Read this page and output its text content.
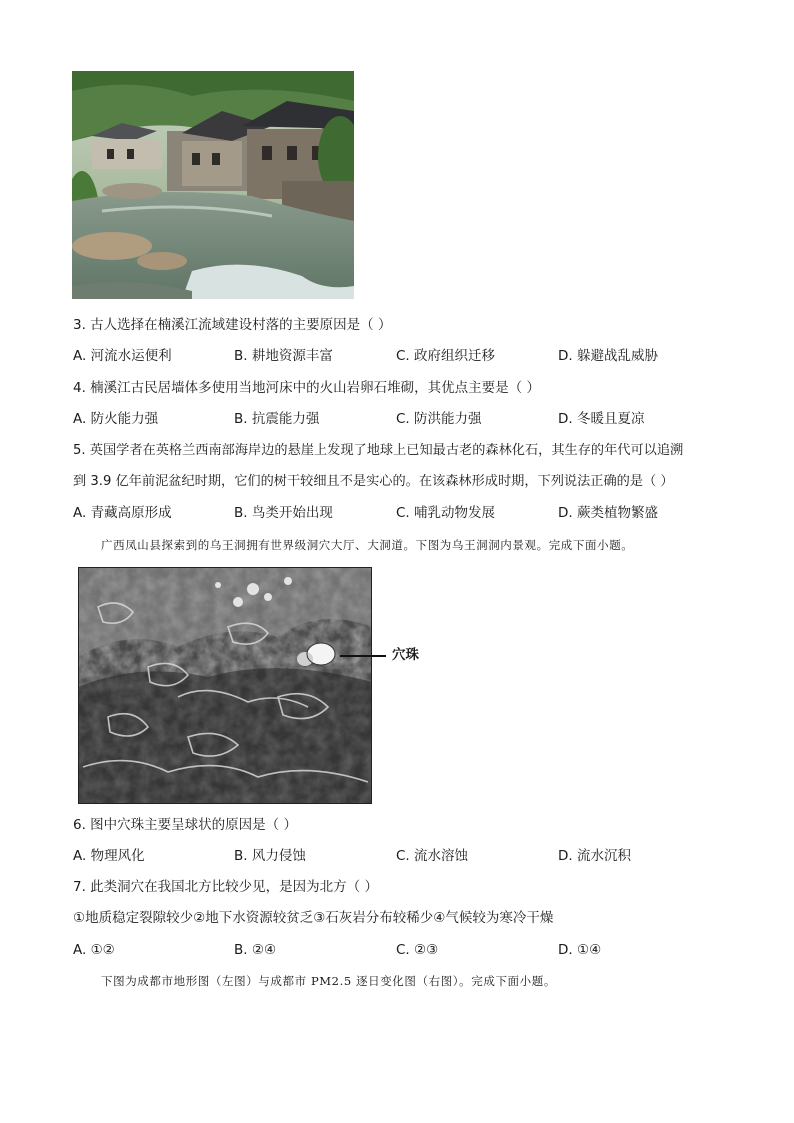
3. 古人选择在楠溪江流域建设村落的主要原因是（ ）
A. 河流水运便利	B. 耕地资源丰富	C. 政府组织迁移	D. 躲避战乱威胁
4. 楠溪江古民居墙体多使用当地河床中的火山岩卵石堆砌，其优点主要是（ ）
A. 防火能力强	B. 抗震能力强	C. 防洪能力强	D. 冬暖且夏凉
5. 英国学者在英格兰西南部海岸边的悬崖上发现了地球上已知最古老的森林化石，其生存的年代可以追溯
到 3.9 亿年前泥盆纪时期，它们的树干较细且不是实心的。在该森林形成时期，下列说法正确的是（ ）
A. 青藏高原形成	B. 鸟类开始出现	C. 哺乳动物发展	D. 蕨类植物繁盛
广西凤山县探索到的乌王洞拥有世界级洞穴大厅、大洞道。下图为乌王洞洞内景观。完成下面小题。
穴珠
6. 图中穴珠主要呈球状的原因是（ ）
A. 物理风化	B. 风力侵蚀	C. 流水溶蚀	D. 流水沉积
7. 此类洞穴在我国北方比较少见，是因为北方（ ）
①地质稳定裂隙较少②地下水资源较贫乏③石灰岩分布较稀少④气候较为寒冷干燥
A. ①②	B. ②④	C. ②③	D. ①④
下图为成都市地形图（左图）与成都市 PM2.5 逐日变化图（右图）。完成下面小题。
